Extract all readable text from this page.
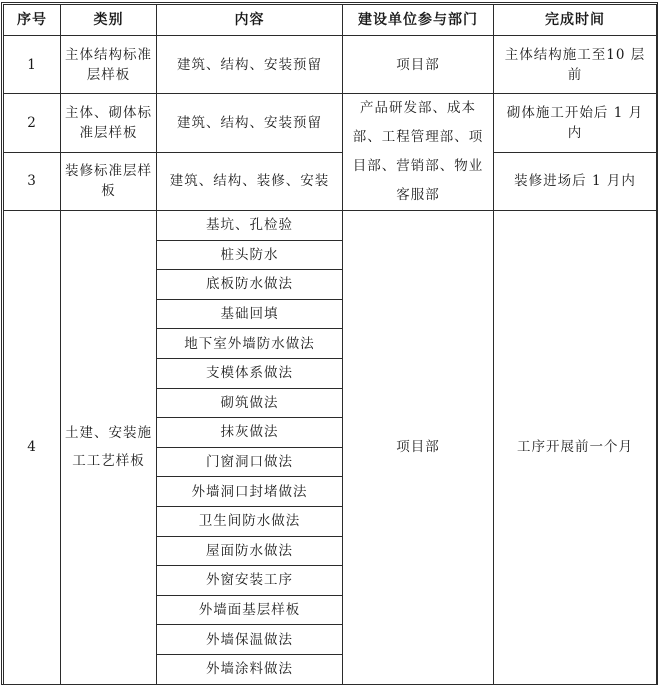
序号	类别	内容	建设单位参与部门	完成时间
1	主体结构标准层样板	建筑、结构、安装预留	项目部	主体结构施工至10 层前
2	主体、砌体标准层样板	建筑、结构、安装预留	产品研发部、成本部、工程管理部、项目部、营销部、物业客服部	砌体施工开始后 1 月内
3	装修标准层样板	建筑、结构、装修、安装		装修进场后 1 月内
4	土建、安装施工工艺样板	基坑、孔检验	项目部	工序开展前一个月
		桩头防水		
		底板防水做法		
		基础回填		
		地下室外墙防水做法		
		支模体系做法		
		砌筑做法		
		抹灰做法		
		门窗洞口做法		
		外墙洞口封堵做法		
		卫生间防水做法		
		屋面防水做法		
		外窗安装工序		
		外墙面基层样板		
		外墙保温做法		
		外墙涂料做法		
